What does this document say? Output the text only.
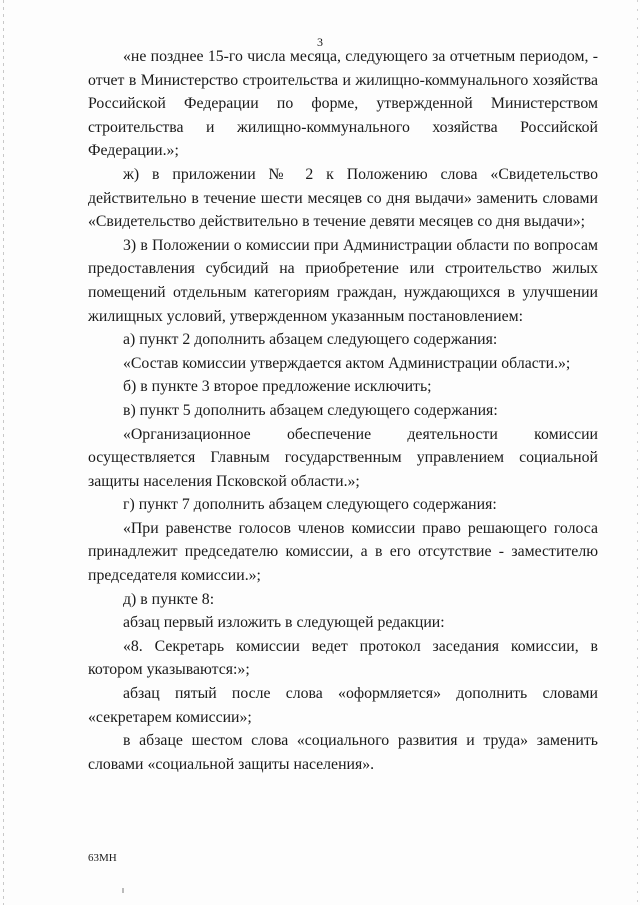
3

«не позднее 15-го числа месяца, следующего за отчетным периодом, - отчет в Министерство строительства и жилищно-коммунального хозяйства Российской Федерации по форме, утвержденной Министерством строительства и жилищно-коммунального хозяйства Российской Федерации.»;

ж) в приложении № 2 к Положению слова «Свидетельство действительно в течение шести месяцев со дня выдачи» заменить словами «Свидетельство действительно в течение девяти месяцев со дня выдачи»;

3) в Положении о комиссии при Администрации области по вопросам предоставления субсидий на приобретение или строительство жилых помещений отдельным категориям граждан, нуждающихся в улучшении жилищных условий, утвержденном указанным постановлением:

а) пункт 2 дополнить абзацем следующего содержания:

«Состав комиссии утверждается актом Администрации области.»;

б) в пункте 3 второе предложение исключить;

в) пункт 5 дополнить абзацем следующего содержания:

«Организационное обеспечение деятельности комиссии осуществляется Главным государственным управлением социальной защиты населения Псковской области.»;

г) пункт 7 дополнить абзацем следующего содержания:

«При равенстве голосов членов комиссии право решающего голоса принадлежит председателю комиссии, а в его отсутствие - заместителю председателя комиссии.»;

д) в пункте 8:

абзац первый изложить в следующей редакции:

«8. Секретарь комиссии ведет протокол заседания комиссии, в котором указываются:»;

абзац пятый после слова «оформляется» дополнить словами «секретарем комиссии»;

в абзаце шестом слова «социального развития и труда» заменить словами «социальной защиты населения».

63МН
